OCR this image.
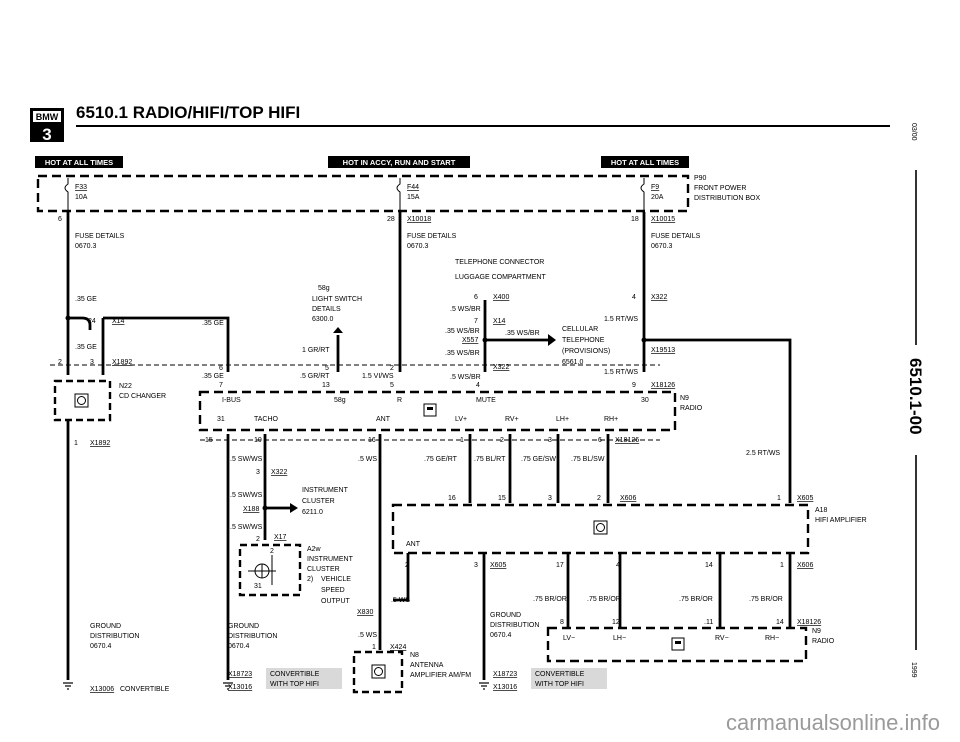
BMW
3
6510.1 RADIO/HIFI/TOP HIFI
03/00
6510.1-00
1999
HOT AT ALL TIMES	HOT IN ACCY, RUN AND START	HOT AT ALL TIMES
F33
10A
F44
15A
F9
20A
P90
FRONT POWER
DISTRIBUTION BOX
6	28 X10018	18 X10015
FUSE DETAILS
0670.3
FUSE DETAILS
0670.3
FUSE DETAILS
0670.3
.35 GE
24 X14
.35 GE
.35 GE
2	3	X1892
58g
LIGHT SWITCH
DETAILS
6300.0
1 GR/RT
6
.35 GE
7
5
.5 GR/RT
13
2
1.5 VI/WS
5
TELEPHONE CONNECTOR
LUGGAGE COMPARTMENT
6 X400
.5 WS/BR
7 X14
.35 WS/BR	.35 WS/BR
X557
.35 WS/BR
X322
.5 WS/BR
4
CELLULAR
TELEPHONE
(PROVISIONS)
6561.0
4 X322
1.5 RT/WS
X19513
1.5 RT/WS
9 X18126
N22
CD CHANGER
1 X1892
58g	R	MUTE
I-BUS	30
31	TACHO	ANT	LV+	RV+	LH+	RH+
N9
RADIO
15	10	16	1	2	3	6 X18126
.5 SW/WS	.5 WS	.75 GE/RT .75 BL/RT .75 GE/SW .75 BL/SW
2.5 RT/WS
3 X322
.5 SW/WS
X188
INSTRUMENT
CLUSTER
6211.0
.5 SW/WS
2 X17
2
31
A2w
INSTRUMENT
CLUSTER
2) VEHICLE
SPEED
OUTPUT
16	15	3	2	X606	1 X605
A18
HIFI AMPLIFIER
ANT
2	3 X605	17	4	14	1 X606
.5 WS
X830
.5 WS
1 X424
.75 BR/OR	.75 BR/OR	.75 BR/OR	.75 BR/OR
8	12	.11	14 X18126
LV−	LH−	RV−	RH−
N9
RADIO
N8
ANTENNA
AMPLIFIER AM/FM
GROUND
DISTRIBUTION
0670.4
GROUND
DISTRIBUTION
0670.4
GROUND
DISTRIBUTION
0670.4
X18723	CONVERTIBLE
WITH TOP HIFI
X13016
X18723	CONVERTIBLE
WITH TOP HIFI
X13016
X13006 CONVERTIBLE
carmanualsonline.info
